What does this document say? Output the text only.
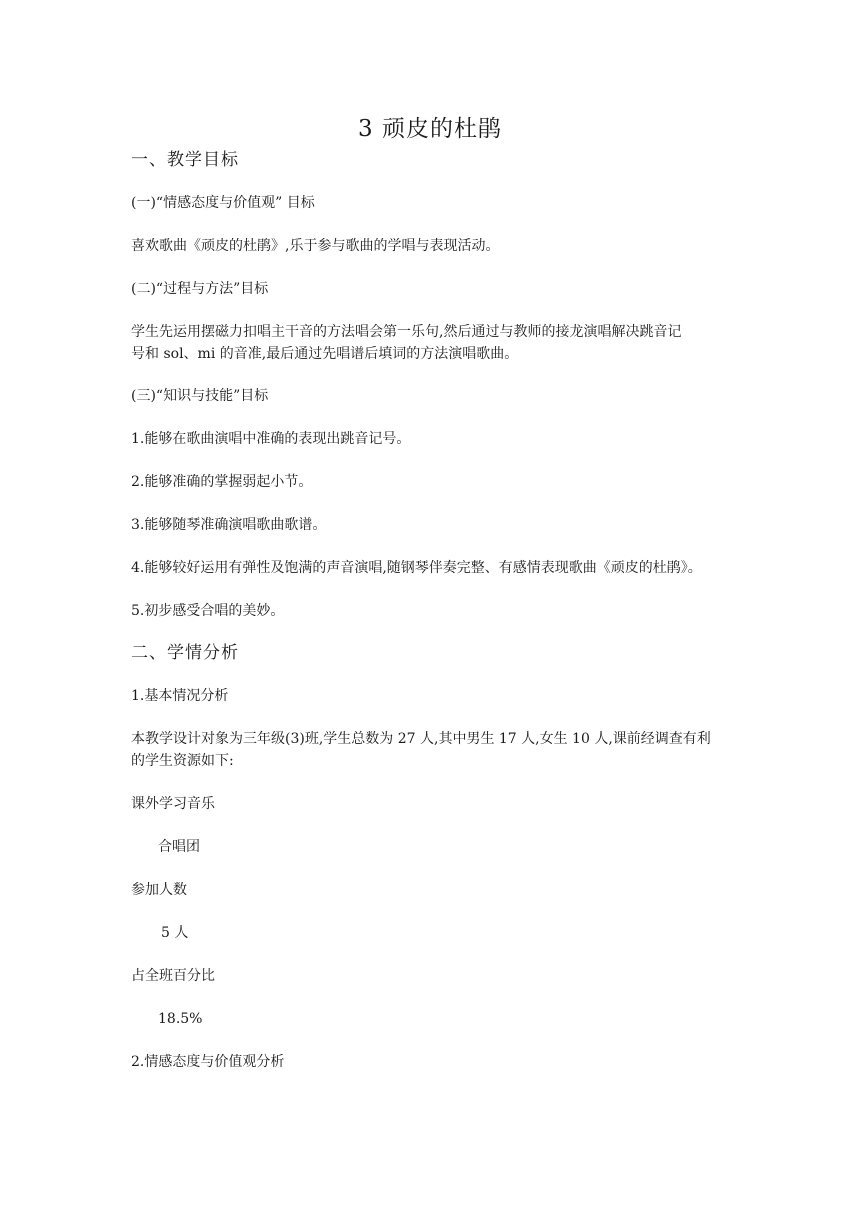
3 顽皮的杜鹃
一、教学目标
(一)“情感态度与价值观” 目标
喜欢歌曲《顽皮的杜鹃》,乐于参与歌曲的学唱与表现活动。
(二)“过程与方法”目标
学生先运用摆磁力扣唱主干音的方法唱会第一乐句,然后通过与教师的接龙演唱解决跳音记
号和 sol、mi 的音准,最后通过先唱谱后填词的方法演唱歌曲。
(三)“知识与技能”目标
1.能够在歌曲演唱中准确的表现出跳音记号。
2.能够准确的掌握弱起小节。
3.能够随琴准确演唱歌曲歌谱。
4.能够较好运用有弹性及饱满的声音演唱,随钢琴伴奏完整、有感情表现歌曲《顽皮的杜鹃》。
5.初步感受合唱的美妙。
二、学情分析
1.基本情况分析
本教学设计对象为三年级(3)班,学生总数为 27 人,其中男生 17 人,女生 10 人,课前经调查有利
的学生资源如下:
课外学习音乐
合唱团
参加人数
5 人
占全班百分比
18.5%
2.情感态度与价值观分析
